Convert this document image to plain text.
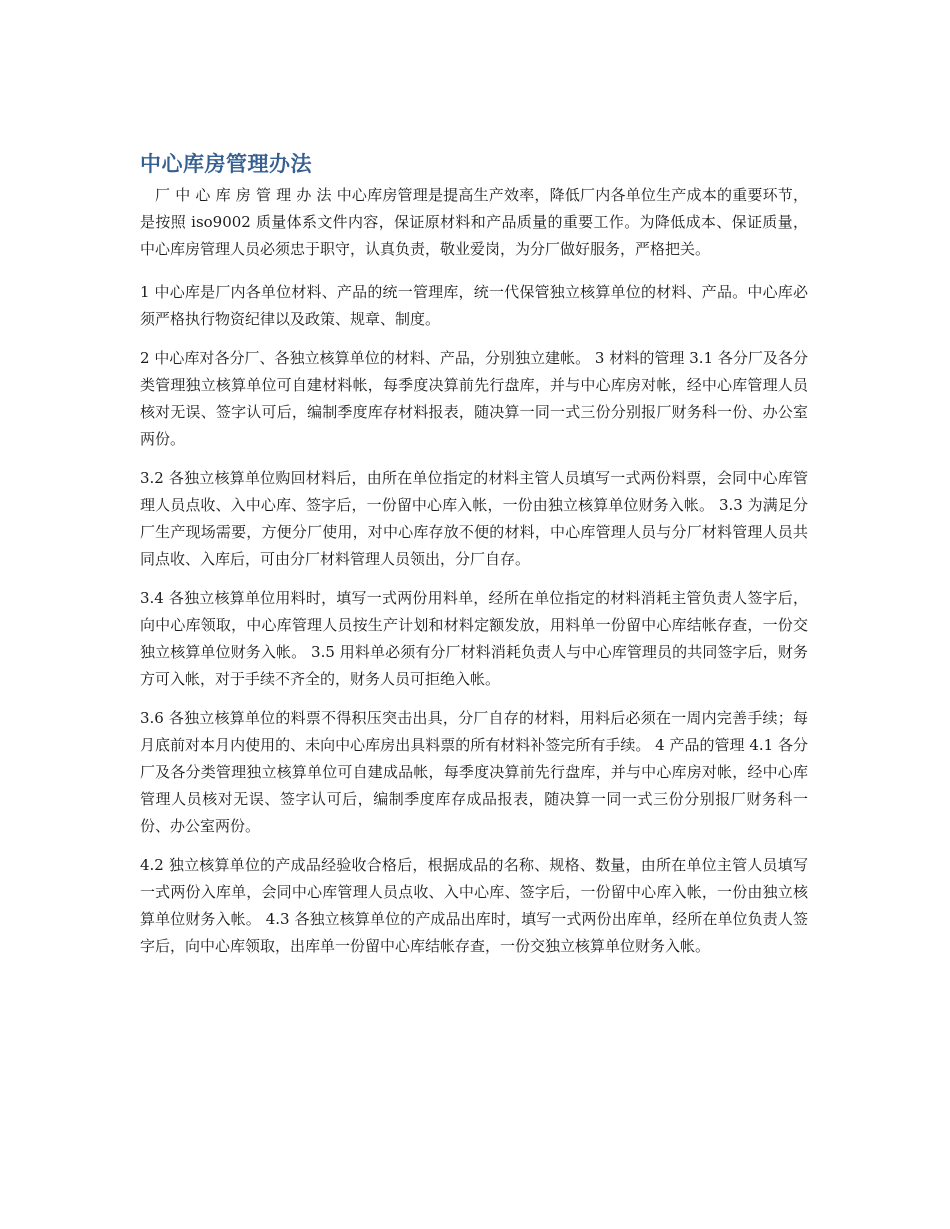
中心库房管理办法

厂 中 心 库 房 管 理 办 法 中心库房管理是提高生产效率，降低厂内各单位生产成本的重要环节，是按照 iso9002 质量体系文件内容，保证原材料和产品质量的重要工作。为降低成本、保证质量，中心库房管理人员必须忠于职守，认真负责，敬业爱岗，为分厂做好服务，严格把关。

1 中心库是厂内各单位材料、产品的统一管理库，统一代保管独立核算单位的材料、产品。中心库必须严格执行物资纪律以及政策、规章、制度。

2 中心库对各分厂、各独立核算单位的材料、产品，分别独立建帐。 3 材料的管理 3.1 各分厂及各分类管理独立核算单位可自建材料帐，每季度决算前先行盘库，并与中心库房对帐，经中心库管理人员核对无误、签字认可后，编制季度库存材料报表，随决算一同一式三份分别报厂财务科一份、办公室两份。

3.2 各独立核算单位购回材料后，由所在单位指定的材料主管人员填写一式两份料票，会同中心库管理人员点收、入中心库、签字后，一份留中心库入帐，一份由独立核算单位财务入帐。 3.3 为满足分厂生产现场需要，方便分厂使用，对中心库存放不便的材料，中心库管理人员与分厂材料管理人员共同点收、入库后，可由分厂材料管理人员领出，分厂自存。

3.4 各独立核算单位用料时，填写一式两份用料单，经所在单位指定的材料消耗主管负责人签字后，向中心库领取，中心库管理人员按生产计划和材料定额发放，用料单一份留中心库结帐存查，一份交独立核算单位财务入帐。 3.5 用料单必须有分厂材料消耗负责人与中心库管理员的共同签字后，财务方可入帐，对于手续不齐全的，财务人员可拒绝入帐。

3.6 各独立核算单位的料票不得积压突击出具，分厂自存的材料，用料后必须在一周内完善手续；每月底前对本月内使用的、未向中心库房出具料票的所有材料补签完所有手续。 4 产品的管理 4.1 各分厂及各分类管理独立核算单位可自建成品帐，每季度决算前先行盘库，并与中心库房对帐，经中心库管理人员核对无误、签字认可后，编制季度库存成品报表，随决算一同一式三份分别报厂财务科一份、办公室两份。

4.2 独立核算单位的产成品经验收合格后，根据成品的名称、规格、数量，由所在单位主管人员填写一式两份入库单，会同中心库管理人员点收、入中心库、签字后，一份留中心库入帐，一份由独立核算单位财务入帐。 4.3 各独立核算单位的产成品出库时，填写一式两份出库单，经所在单位负责人签字后，向中心库领取，出库单一份留中心库结帐存查，一份交独立核算单位财务入帐。
